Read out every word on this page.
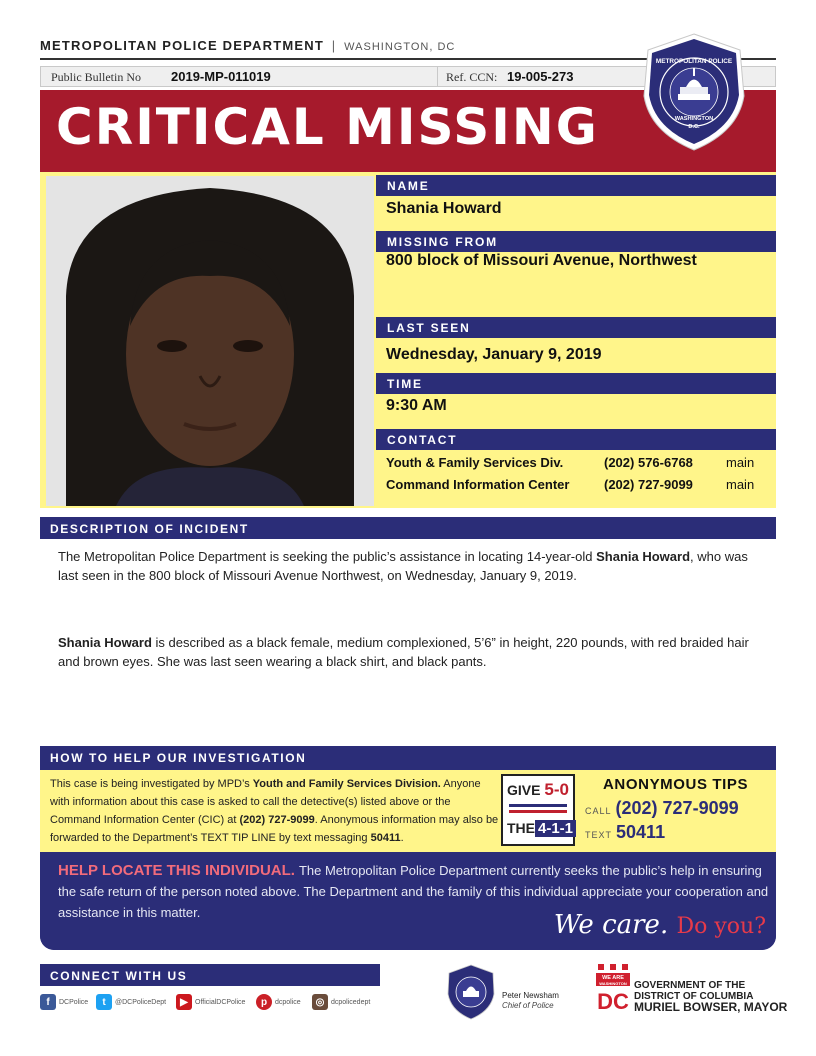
METROPOLITAN POLICE DEPARTMENT | WASHINGTON, DC
Public Bulletin No 2019-MP-011019	Ref. CCN: 19-005-273
CRITICAL MISSING
METROPOLITAN POLICE
WASHINGTON
D.C.
NAME
Shania Howard
MISSING FROM
800 block of Missouri Avenue, Northwest
LAST SEEN
Wednesday, January 9, 2019
TIME
9:30 AM
CONTACT
Youth & Family Services Div.	(202) 576-6768	main
Command Information Center	(202) 727-9099	main
DESCRIPTION OF INCIDENT
The Metropolitan Police Department is seeking the public’s assistance in locating 14-year-old Shania Howard, who was last seen in the 800 block of Missouri Avenue Northwest, on Wednesday, January 9, 2019.
Shania Howard is described as a black female, medium complexioned, 5’6” in height, 220 pounds, with red braided hair and brown eyes. She was last seen wearing a black shirt, and black pants.
HOW TO HELP OUR INVESTIGATION
This case is being investigated by MPD’s Youth and Family Services Division. Anyone with information about this case is asked to call the detective(s) listed above or the Command Information Center (CIC) at (202) 727-9099. Anonymous information may also be forwarded to the Department’s TEXT TIP LINE by text messaging 50411.
GIVE 5-0
THE 4-1-1
ANONYMOUS TIPS
CALL (202) 727-9099
TEXT 50411
HELP LOCATE THIS INDIVIDUAL. The Metropolitan Police Department currently seeks the public’s help in ensuring the safe return of the person noted above. The Department and the family of this individual appreciate your cooperation and assistance in this matter.	We care. Do you?
CONNECT WITH US
f	DCPolice	t	@DCPoliceDept	▶	OfficialDCPolice	p	dcpolice	◎ dcpolicedept
Peter Newsham
Chief of Police
WE ARE
WASHINGTON
DC
GOVERNMENT OF THE
DISTRICT OF COLUMBIA
MURIEL BOWSER, MAYOR
